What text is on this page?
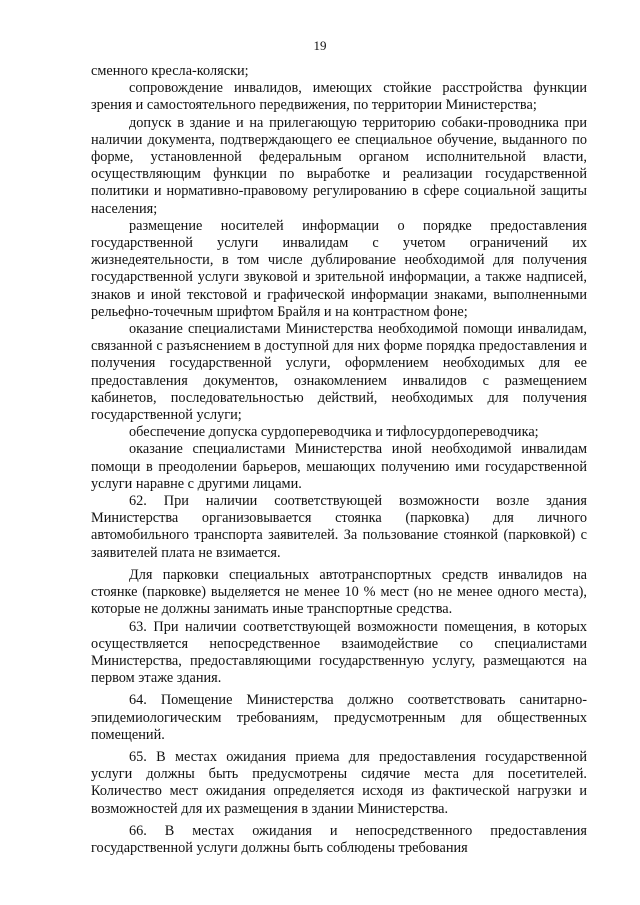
19

сменного кресла-коляски;

сопровождение инвалидов, имеющих стойкие расстройства функции зрения и самостоятельного передвижения, по территории Министерства;

допуск в здание и на прилегающую территорию собаки-проводника при наличии документа, подтверждающего ее специальное обучение, выданного по форме, установленной федеральным органом исполнительной власти, осуществляющим функции по выработке и реализации государственной политики и нормативно-правовому регулированию в сфере социальной защиты населения;

размещение носителей информации о порядке предоставления государственной услуги инвалидам с учетом ограничений их жизнедеятельности, в том числе дублирование необходимой для получения государственной услуги звуковой и зрительной информации, а также надписей, знаков и иной текстовой и графической информации знаками, выполненными рельефно-точечным шрифтом Брайля и на контрастном фоне;

оказание специалистами Министерства необходимой помощи инвалидам, связанной с разъяснением в доступной для них форме порядка предоставления и получения государственной услуги, оформлением необходимых для ее предоставления документов, ознакомлением инвалидов с размещением кабинетов, последовательностью действий, необходимых для получения государственной услуги;

обеспечение допуска сурдопереводчика и тифлосурдопереводчика;

оказание специалистами Министерства иной необходимой инвалидам помощи в преодолении барьеров, мешающих получению ими государственной услуги наравне с другими лицами.

62. При наличии соответствующей возможности возле здания Министерства организовывается стоянка (парковка) для личного автомобильного транспорта заявителей. За пользование стоянкой (парковкой) с заявителей плата не взимается.

Для парковки специальных автотранспортных средств инвалидов на стоянке (парковке) выделяется не менее 10 % мест (но не менее одного места), которые не должны занимать иные транспортные средства.

63. При наличии соответствующей возможности помещения, в которых осуществляется непосредственное взаимодействие со специалистами Министерства, предоставляющими государственную услугу, размещаются на первом этаже здания.

64. Помещение Министерства должно соответствовать санитарно-эпидемиологическим требованиям, предусмотренным для общественных помещений.

65. В местах ожидания приема для предоставления государственной услуги должны быть предусмотрены сидячие места для посетителей. Количество мест ожидания определяется исходя из фактической нагрузки и возможностей для их размещения в здании Министерства.

66. В местах ожидания и непосредственного предоставления государственной услуги должны быть соблюдены требования
